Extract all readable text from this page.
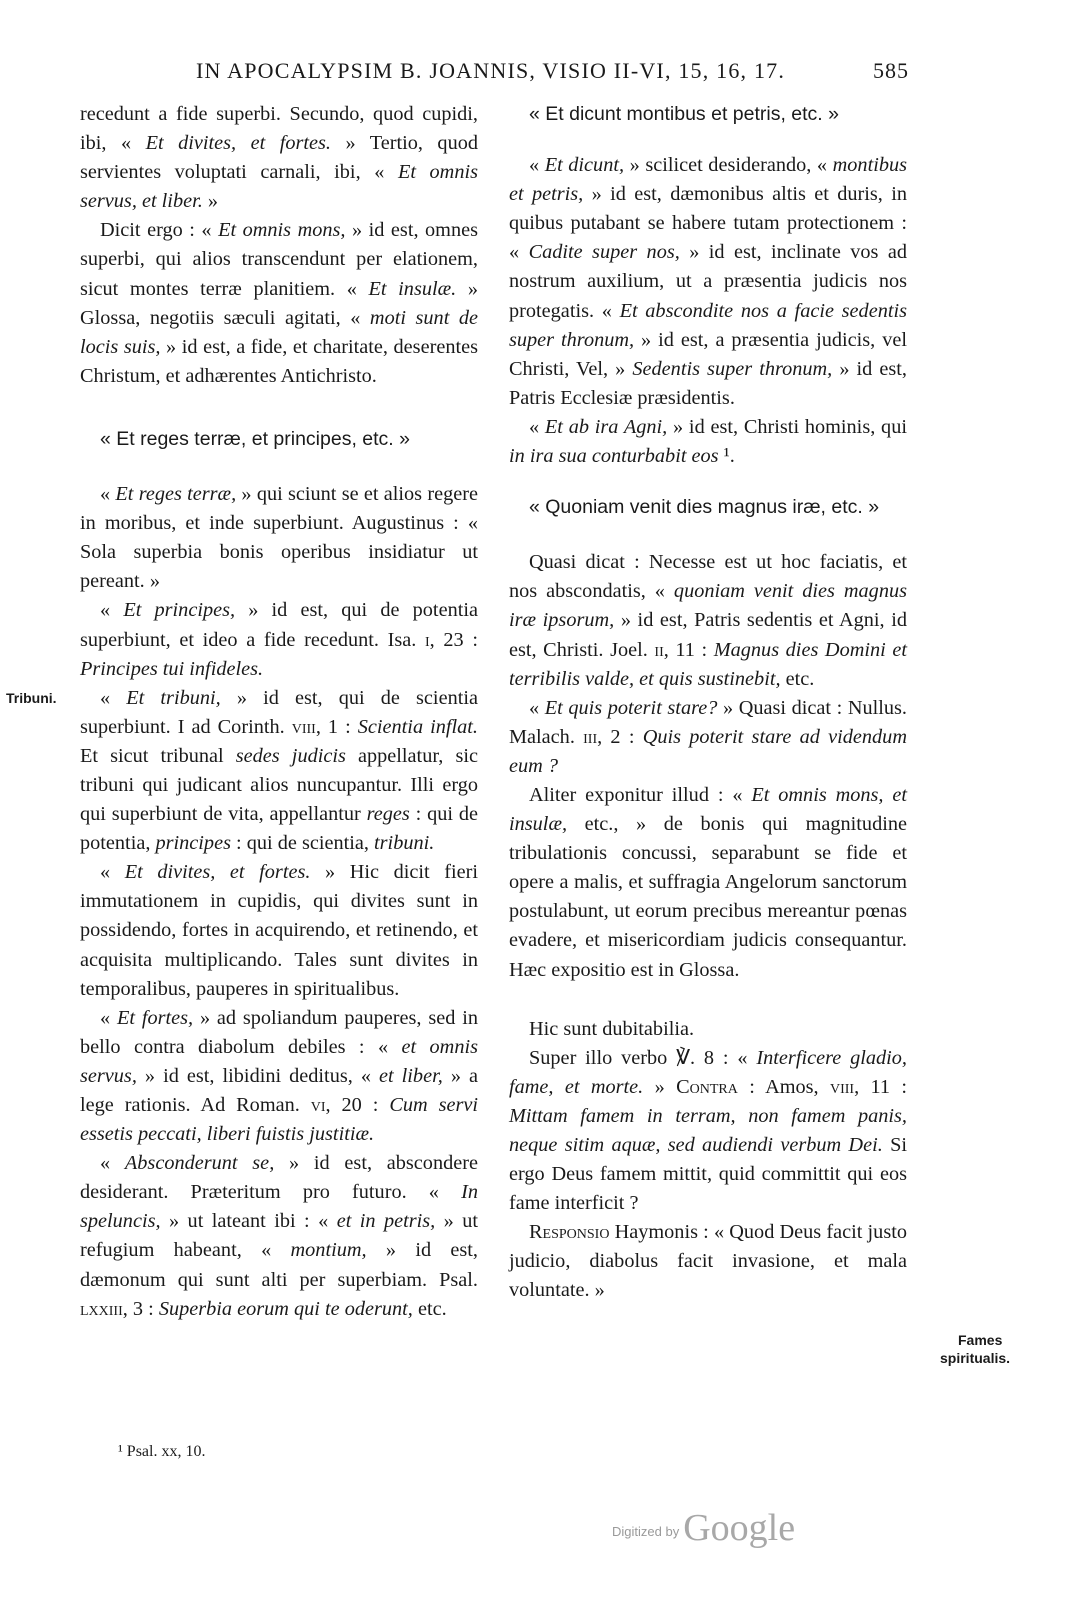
IN APOCALYPSIM B. JOANNIS, VISIO II-VI, 15, 16, 17.	585

recedunt a fide superbi. Secundo, quod cupidi, ibi, « Et divites, et fortes. » Tertio, quod servientes voluptati carnali, ibi, « Et omnis servus, et liber. »

Dicit ergo : « Et omnis mons, » id est, omnes superbi, qui alios transcendunt per elationem, sicut montes terræ planitiem. « Et insulæ. » Glossa, negotiis sæculi agitati, « moti sunt de locis suis, » id est, a fide, et charitate, deserentes Christum, et adhærentes Antichristo.

« Et reges terræ, et principes, etc. »

« Et reges terræ, » qui sciunt se et alios regere in moribus, et inde superbiunt. Augustinus : « Sola superbia bonis operibus insidiatur ut pereant. »

« Et principes, » id est, qui de potentia superbiunt, et ideo a fide recedunt. Isa. i, 23 : Principes tui infideles.

« Et tribuni, » id est, qui de scientia superbiunt. I ad Corinth. viii, 1 : Scientia inflat. Et sicut tribunal sedes judicis appellatur, sic tribuni qui judicant alios nuncupantur. Illi ergo qui superbiunt de vita, appellantur reges : qui de potentia, principes : qui de scientia, tribuni.

« Et divites, et fortes. » Hic dicit fieri immutationem in cupidis, qui divites sunt in possidendo, fortes in acquirendo, et retinendo, et acquisita multiplicando. Tales sunt divites in temporalibus, pauperes in spiritualibus.

« Et fortes, » ad spoliandum pauperes, sed in bello contra diabolum debiles : « et omnis servus, » id est, libidini deditus, « et liber, » a lege rationis. Ad Roman. vi, 20 : Cum servi essetis peccati, liberi fuistis justitiæ.

« Absconderunt se, » id est, abscondere desiderant. Præteritum pro futuro. « In speluncis, » ut lateant ibi : « et in petris, » ut refugium habeant, « montium, » id est, dæmonum qui sunt alti per superbiam. Psal. lxxiii, 3 : Superbia eorum qui te oderunt, etc.

« Et dicunt montibus et petris, etc. »

« Et dicunt, » scilicet desiderando, « montibus et petris, » id est, dæmonibus altis et duris, in quibus putabant se habere tutam protectionem : « Cadite super nos, » id est, inclinate vos ad nostrum auxilium, ut a præsentia judicis nos protegatis. « Et abscondite nos a facie sedentis super thronum, » id est, a præsentia judicis, vel Christi, Vel, » Sedentis super thronum, » id est, Patris Ecclesiæ præsidentis.

« Et ab ira Agni, » id est, Christi hominis, qui in ira sua conturbabit eos ¹.

« Quoniam venit dies magnus iræ, etc. »

Quasi dicat : Necesse est ut hoc faciatis, et nos abscondatis, « quoniam venit dies magnus iræ ipsorum, » id est, Patris sedentis et Agni, id est, Christi. Joel. ii, 11 : Magnus dies Domini et terribilis valde, et quis sustinebit, etc.

« Et quis poterit stare? » Quasi dicat : Nullus. Malach. iii, 2 : Quis poterit stare ad videndum eum ?

Aliter exponitur illud : « Et omnis mons, et insulæ, etc., » de bonis qui magnitudine tribulationis concussi, separabunt se fide et opere a malis, et suffragia Angelorum sanctorum postulabunt, ut eorum precibus mereantur pœnas evadere, et misericordiam judicis consequantur. Hæc expositio est in Glossa.

Hic sunt dubitabilia.

Super illo verbo ℣. 8 : « Interficere gladio, fame, et morte. » Contra : Amos, viii, 11 : Mittam famem in terram, non famem panis, neque sitim aquæ, sed audiendi verbum Dei. Si ergo Deus famem mittit, quid committit qui eos fame interficit ?

Responsio Haymonis : « Quod Deus facit justo judicio, diabolus facit invasione, et mala voluntate. »

Tribuni.
Fames
spiritualis.
¹ Psal. xx, 10.
$^{Digitized by}$ Google
